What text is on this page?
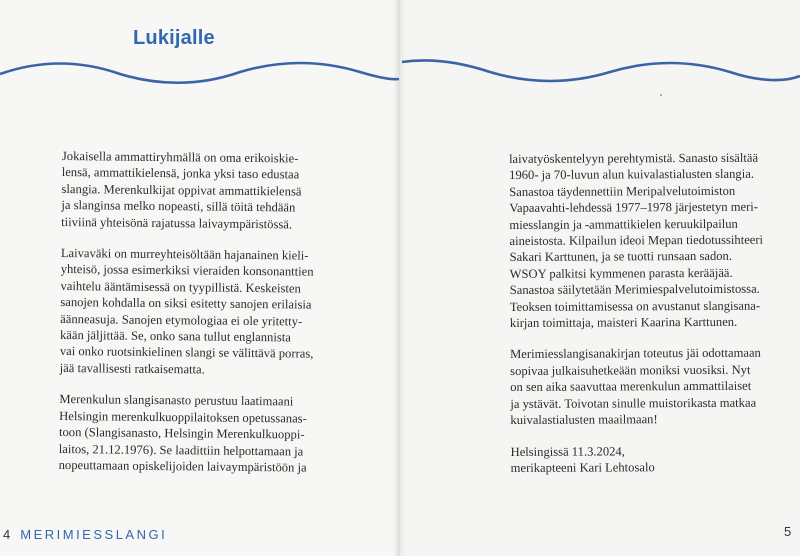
Lukijalle

Jokaisella ammattiryhmällä on oma erikoiskie-
lensä, ammattikielensä, jonka yksi taso edustaa
slangia. Merenkulkijat oppivat ammattikielensä
ja slanginsa melko nopeasti, sillä töitä tehdään
tiiviinä yhteisönä rajatussa laivaympäristössä.

Laivaväki on murreyhteisöltään hajanainen kieli-
yhteisö, jossa esimerkiksi vieraiden konsonanttien
vaihtelu ääntämisessä on tyypillistä. Keskeisten
sanojen kohdalla on siksi esitetty sanojen erilaisia
äänneasuja. Sanojen etymologiaa ei ole yritetty-
kään jäljittää. Se, onko sana tullut englannista
vai onko ruotsinkielinen slangi se välittävä porras,
jää tavallisesti ratkaisematta.

Merenkulun slangisanasto perustuu laatimaani
Helsingin merenkulkuoppilaitoksen opetussanas-
toon (Slangisanasto, Helsingin Merenkulkuoppi-
laitos, 21.12.1976). Se laadittiin helpottamaan ja
nopeuttamaan opiskelijoiden laivaympäristöön ja

laivatyöskentelyyn perehtymistä. Sanasto sisältää
1960- ja 70-luvun alun kuivalastialusten slangia.
Sanastoa täydennettiin Meripalvelutoimiston
Vapaavahti-lehdessä 1977–1978 järjestetyn meri-
miesslangin ja -ammattikielen keruukilpailun
aineistosta. Kilpailun ideoi Mepan tiedotussihteeri
Sakari Karttunen, ja se tuotti runsaan sadon.
WSOY palkitsi kymmenen parasta kerääjää.
Sanastoa säilytetään Merimiespalvelutoimistossa.
Teoksen toimittamisessa on avustanut slangisana-
kirjan toimittaja, maisteri Kaarina Karttunen.

Merimiesslangisanakirjan toteutus jäi odottamaan
sopivaa julkaisuhetkeään moniksi vuosiksi. Nyt
on sen aika saavuttaa merenkulun ammattilaiset
ja ystävät. Toivotan sinulle muistorikasta matkaa
kuivalastialusten maailmaan!

Helsingissä 11.3.2024,
merikapteeni Kari Lehtosalo

4 MERIMIESSLANGI	5
